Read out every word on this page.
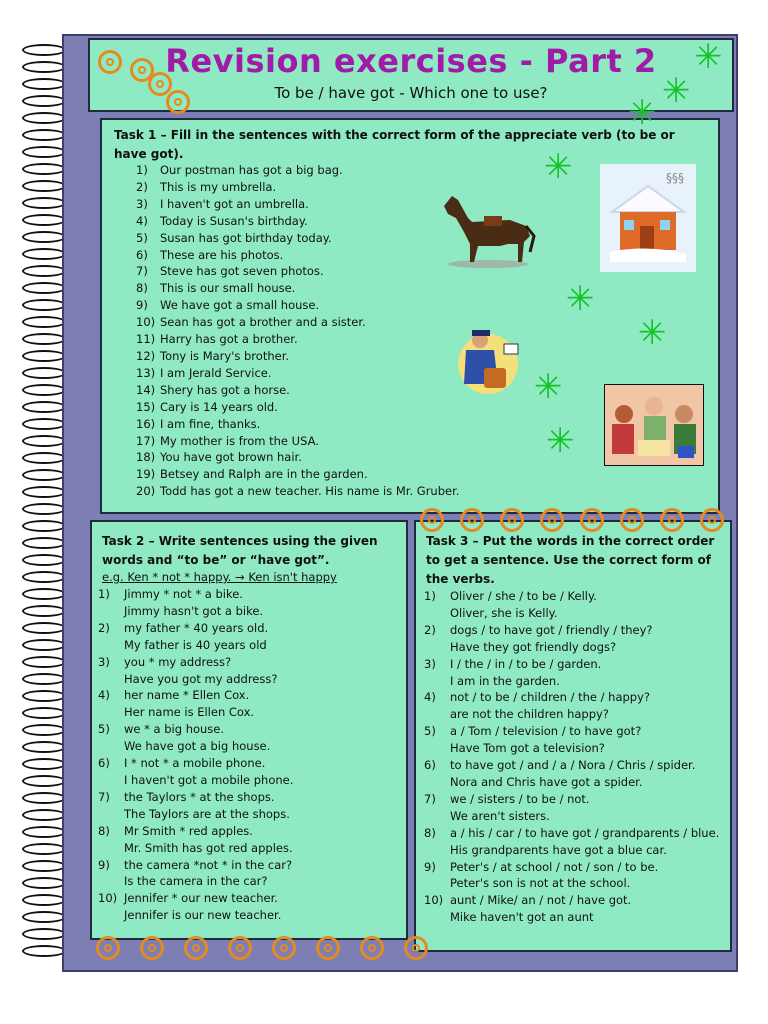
Revision exercises - Part 2
To be / have got - Which one to use?
Task 1 – Fill in the sentences with the correct form of the appreciate verb (to be or have got).
1) Our postman has got a big bag.
2) This is my umbrella.
3) I haven't got an umbrella.
4) Today is Susan's birthday.
5) Susan has got birthday today.
6) These are his photos.
7) Steve has got seven photos.
8) This is our small house.
9) We have got a small house.
10) Sean has got a brother and a sister.
11) Harry has got a brother.
12) Tony is Mary's brother.
13) I am Jerald Service.
14) Shery has got a horse.
15) Cary is 14 years old.
16) I am fine, thanks.
17) My mother is from the USA.
18) You have got brown hair.
19) Betsey and Ralph are in the garden.
20) Todd has got a new teacher. His name is Mr. Gruber.
Task 2 – Write sentences using the given words and “to be” or “have got”.
e.g. Ken * not * happy. → Ken isn't happy
1) Jimmy * not * a bike.
Jimmy hasn't got a bike.
2) my father * 40 years old.
My father is 40 years old
3) you * my address?
Have you got my address?
4) her name * Ellen Cox.
Her name is Ellen Cox.
5) we * a big house.
We have got a big house.
6) I * not * a mobile phone.
I haven't got a mobile phone.
7) the Taylors * at the shops.
The Taylors are at the shops.
8) Mr Smith * red apples.
Mr. Smith has got red apples.
9) the camera *not * in the car?
Is the camera in the car?
10) Jennifer * our new teacher.
Jennifer is our new teacher.
Task 3 – Put the words in the correct order to get a sentence. Use the correct form of the verbs.
1) Oliver / she / to be / Kelly.
Oliver, she is Kelly.
2) dogs / to have got / friendly / they?
Have they got friendly dogs?
3) I / the / in / to be / garden.
I am in the garden.
4) not / to be / children / the / happy?
are not the children happy?
5) a / Tom / television / to have got?
Have Tom got a television?
6) to have got / and / a / Nora / Chris / spider.
Nora and Chris have got a spider.
7) we / sisters / to be / not.
We aren't sisters.
8) a / his / car / to have got / grandparents / blue.
His grandparents have got a blue car.
9) Peter's / at school / not / son / to be.
Peter's son is not at the school.
10) aunt / Mike/ an / not / have got.
Mike haven't got an aunt
✳
✳
✳
✳
✳
✳
✳
✳
§§§
